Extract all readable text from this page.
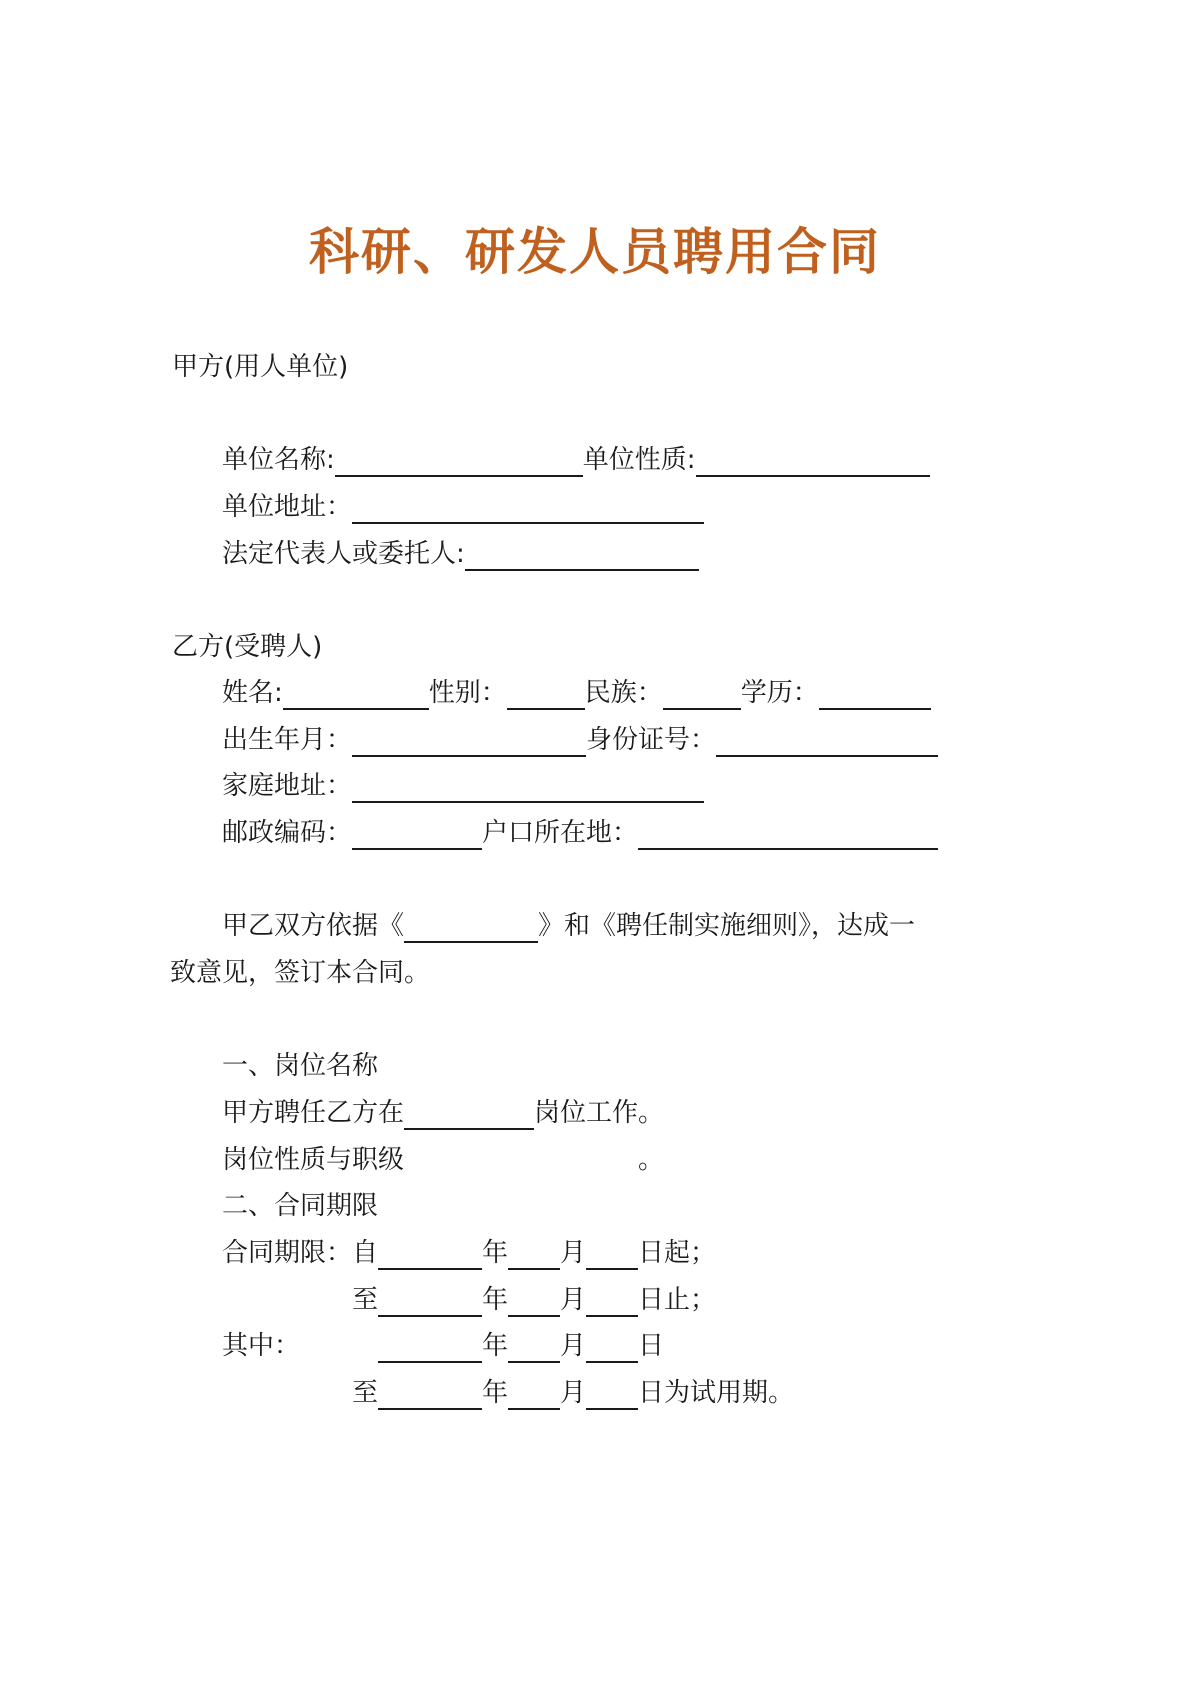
科研、研发人员聘用合同
甲方(用人单位)
单位名称:	单位性质:
单位地址：
法定代表人或委托人:
乙方(受聘人)
姓名:	性别：	民族：	学历：
出生年月：	身份证号：
家庭地址：
邮政编码：	户口所在地：
甲乙双方依据《	》和《聘任制实施细则》，达成一
致意见，签订本合同。
一、岗位名称
甲方聘任乙方在	岗位工作。
岗位性质与职级	。
二、合同期限
合同期限：自	年 月 日起；
至	年 月 日止；
其中：	年 月 日
至	年 月 日为试用期。
